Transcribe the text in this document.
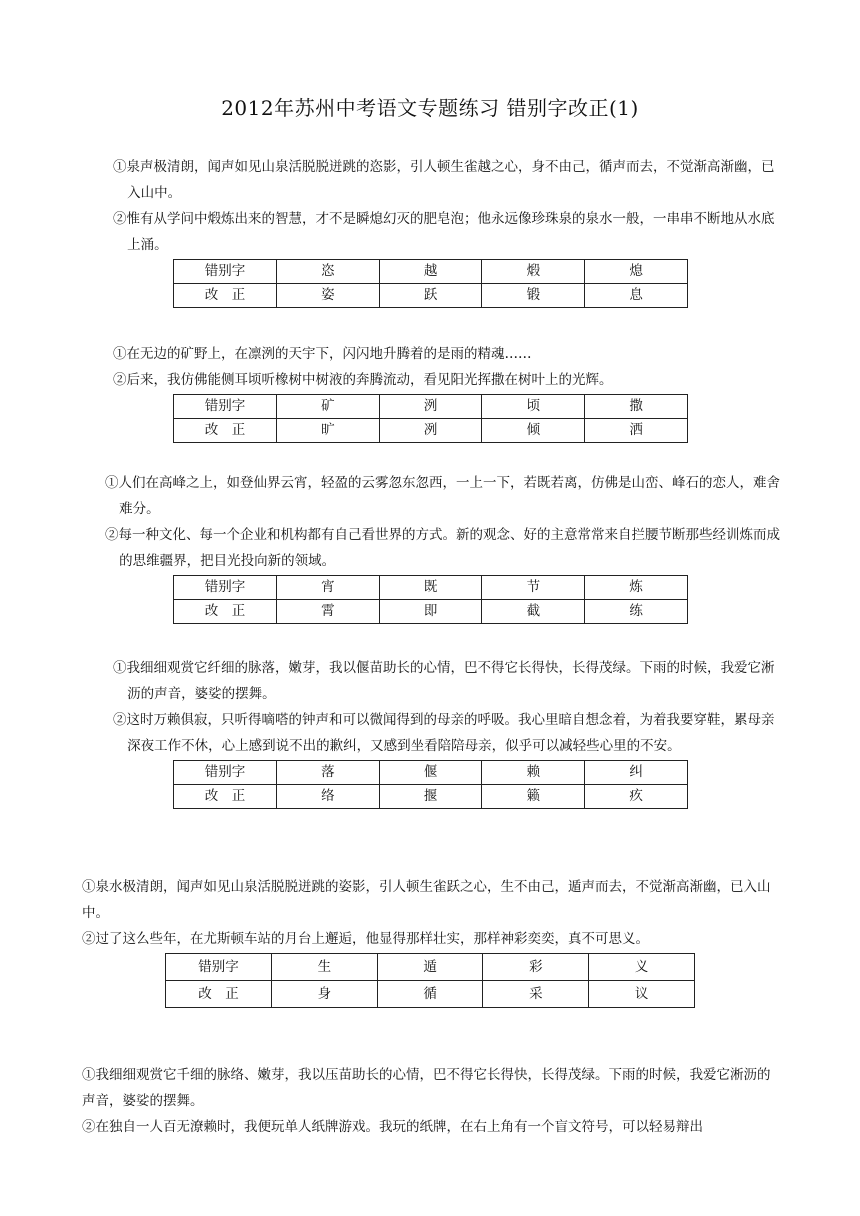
2012年苏州中考语文专题练习 错别字改正(1)
①泉声极清朗，闻声如见山泉活脱脱迸跳的恣影，引人顿生雀越之心，身不由己，循声而去，不觉渐高渐幽，已入山中。
②惟有从学问中煅炼出来的智慧，才不是瞬熄幻灭的肥皂泡；他永远像珍珠泉的泉水一般，一串串不断地从水底上涌。
错别字	恣	越	煅	熄
改　正	姿	跃	锻	息
①在无边的矿野上，在凛洌的天宇下，闪闪地升腾着的是雨的精魂……
②后来，我仿佛能侧耳顷听橡树中树液的奔腾流动，看见阳光挥撒在树叶上的光辉。
错别字	矿	洌	顷	撒
改　正	旷	冽	倾	洒
①人们在高峰之上，如登仙界云宵，轻盈的云雾忽东忽西，一上一下，若既若离，仿佛是山峦、峰石的恋人，难舍难分。
②每一种文化、每一个企业和机构都有自己看世界的方式。新的观念、好的主意常常来自拦腰节断那些经训炼而成的思维疆界，把目光投向新的领域。
错别字	宵	既	节	炼
改　正	霄	即	截	练
①我细细观赏它纤细的脉落，嫩芽，我以偃苗助长的心情，巴不得它长得快，长得茂绿。下雨的时候，我爱它淅沥的声音，婆娑的摆舞。
②这时万赖俱寂，只听得嘀嗒的钟声和可以微闻得到的母亲的呼吸。我心里暗自想念着，为着我要穿鞋，累母亲深夜工作不休，心上感到说不出的歉纠，又感到坐看陪陪母亲，似乎可以减轻些心里的不安。
错别字	落	偃	赖	纠
改　正	络	揠	籁	疚
①泉水极清朗，闻声如见山泉活脱脱迸跳的姿影，引人顿生雀跃之心，生不由己，遁声而去，不觉渐高渐幽，已入山中。
②过了这么些年，在尤斯顿车站的月台上邂逅，他显得那样壮实，那样神彩奕奕，真不可思义。
错别字	生	遁	彩	义
改　正	身	循	采	议
①我细细观赏它千细的脉络、嫩芽，我以压苗助长的心情，巴不得它长得快，长得茂绿。下雨的时候，我爱它淅沥的声音，婆娑的摆舞。
②在独自一人百无潦赖时，我便玩单人纸牌游戏。我玩的纸牌，在右上角有一个盲文符号，可以轻易辩出
